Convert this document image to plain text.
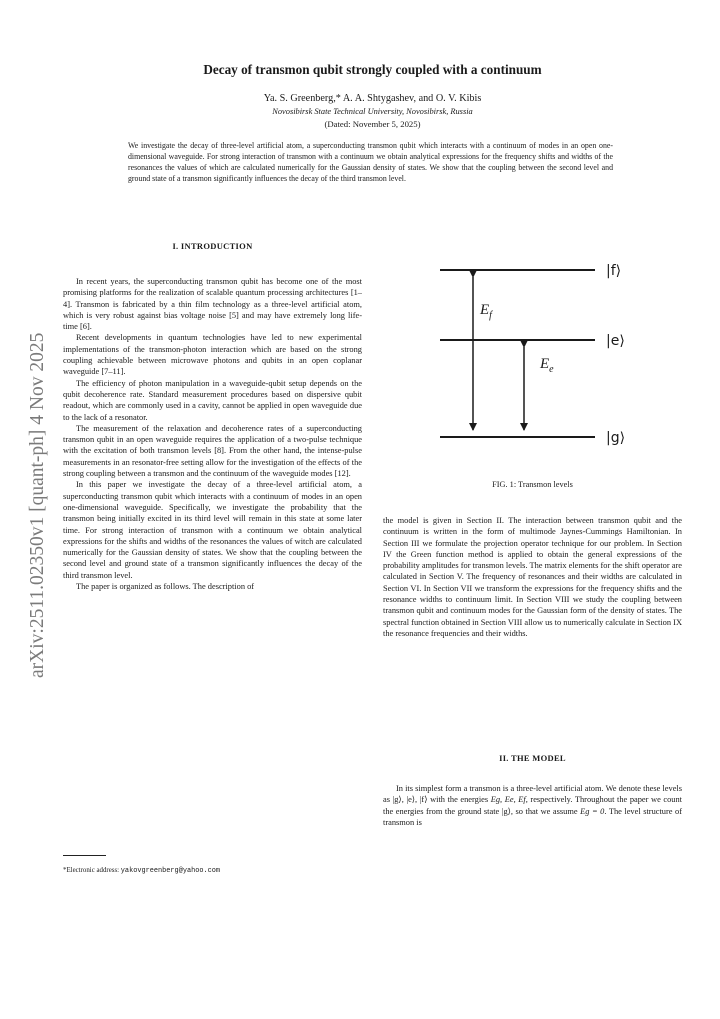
arXiv:2511.02350v1 [quant-ph] 4 Nov 2025
Decay of transmon qubit strongly coupled with a continuum
Ya. S. Greenberg,* A. A. Shtygashev, and O. V. Kibis
Novosibirsk State Technical University, Novosibirsk, Russia
(Dated: November 5, 2025)
We investigate the decay of three-level artificial atom, a superconducting transmon qubit which interacts with a continuum of modes in an open one-dimensional waveguide. For strong interaction of transmon with a continuum we obtain analytical expressions for the frequency shifts and widths of the resonances the values of which are calculated numerically for the Gaussian density of states. We show that the coupling between the second level and ground state of a transmon significantly influences the decay of the third transmon level.
I. INTRODUCTION

In recent years, the superconducting transmon qubit has become one of the most promising platforms for the realization of scalable quantum processing architectures [1–4]. Transmon is fabricated by a thin film technology as a three-level artificial atom, which is very robust against bias voltage noise [5] and may have extremely long life-time [6].

Recent developments in quantum technologies have led to new experimental implementations of the transmon-photon interaction which are based on the strong coupling achievable between microwave photons and qubits in an open coplanar waveguide [7–11].

The efficiency of photon manipulation in a waveguide-qubit setup depends on the qubit decoherence rate. Standard measurement procedures based on dispersive qubit readout, which are commonly used in a cavity, cannot be applied in open waveguide due to the lack of a resonator.

The measurement of the relaxation and decoherence rates of a superconducting transmon qubit in an open waveguide requires the application of a two-pulse technique with the excitation of both transmon levels [8]. From the other hand, the intense-pulse measurements in an resonator-free setting allow for the investigation of the effects of the strong coupling between a transmon and the continuum of the waveguide modes [12].

In this paper we investigate the decay of a three-level artificial atom, a superconducting transmon qubit which interacts with a continuum of modes in an open one-dimensional waveguide. Specifically, we investigate the probability that the transmon being initially excited in its third level will remain in this state at some later time. For strong interaction of transmon with a continuum we obtain analytical expressions for the shifts and widths of the resonances the values of witch are calculated numerically for the Gaussian density of states. We show that the coupling between the second level and ground state of a transmon significantly influences the decay of the third transmon level.

The paper is organized as follows. The description of

|f⟩
|e⟩
|g⟩
$E_f$
$E_e$
FIG. 1: Transmon levels
the model is given in Section II. The interaction between transmon qubit and the continuum is written in the form of multimode Jaynes-Cummings Hamiltonian. In Section III we formulate the projection operator technique for our problem. In Section IV the Green function method is applied to obtain the general expressions of the probability amplitudes for transmon levels. The matrix elements for the shift operator are calculated in Section V. The frequency of resonances and their widths are calculated in Section VI. In Section VII we transform the expressions for the frequency shifts and the resonance widths to continuum limit. In Section VIII we study the coupling between transmon qubit and continuum modes for the Gaussian form of the density of states. The spectral function obtained in Section VIII allow us to numerically calculate in Section IX the resonance frequencies and their widths.
II. THE MODEL

In its simplest form a transmon is a three-level artificial atom. We denote these levels as |g⟩, |e⟩, |f⟩ with the energies Eg, Ee, Ef, respectively. Throughout the paper we count the energies from the ground state |g⟩, so that we assume Eg = 0. The level structure of transmon is

*Electronic address: yakovgreenberg@yahoo.com
